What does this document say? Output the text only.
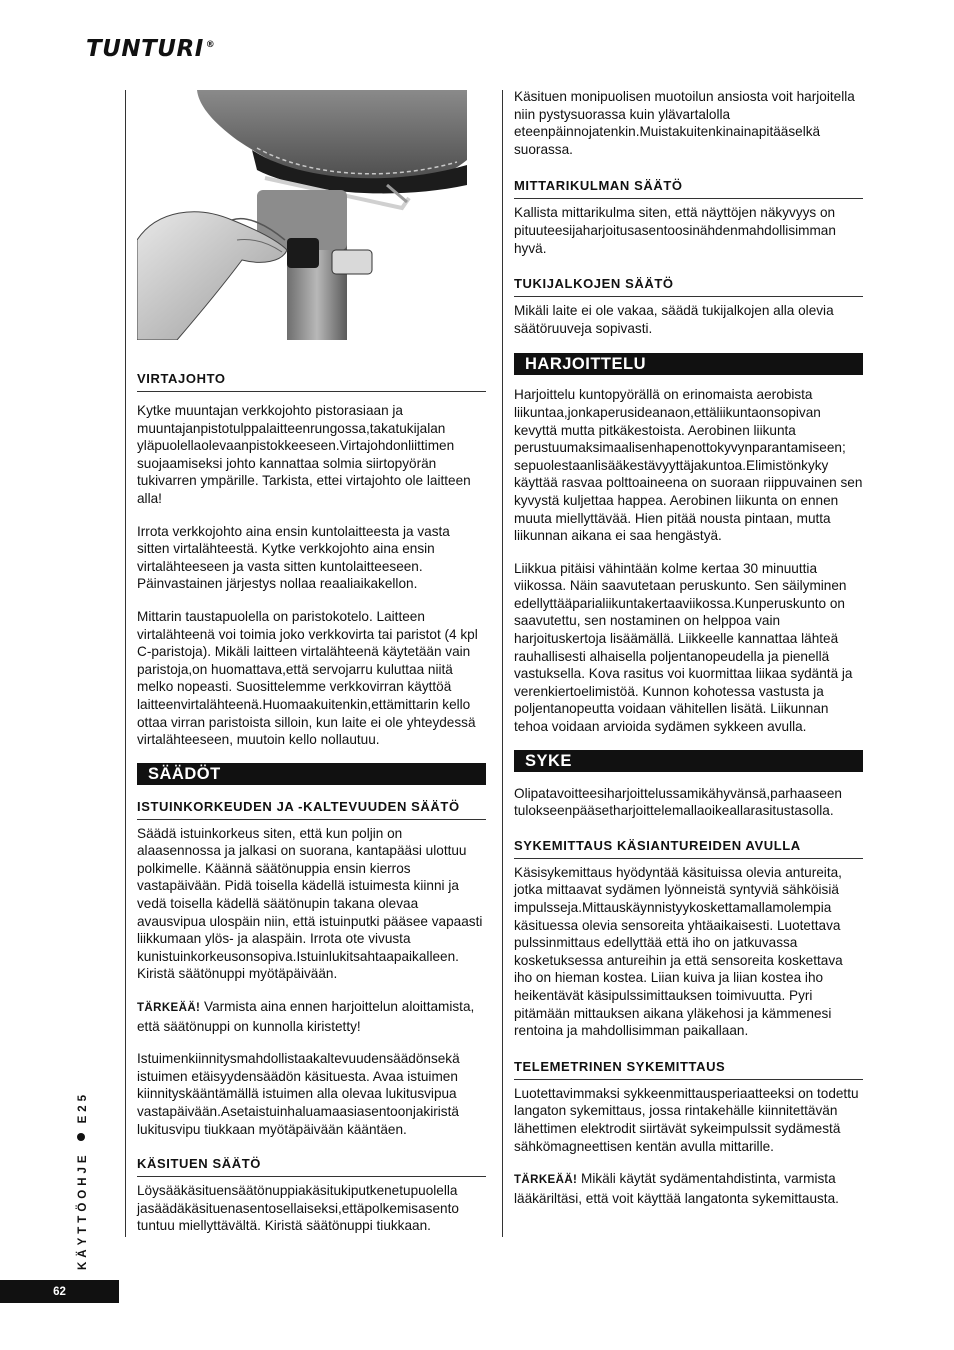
TUNTURI ®
VIRTAJOHTO

Kytke muuntajan verkkojohto pistorasiaan ja muuntajanpistotulppalaitteenrungossa,takatukijalan yläpuolellaolevaanpistokkeeseen.Virtajohdonliittimen suojaamiseksi johto kannattaa solmia siirtopyörän tukivarren ympärille. Tarkista, ettei virtajohto ole laitteen alla!

Irrota verkkojohto aina ensin kuntolaitteesta ja vasta sitten virtalähteestä. Kytke verkkojohto aina ensin virtalähteeseen ja vasta sitten kuntolaitteeseen. Päinvastainen järjestys nollaa reaaliaikakellon.

Mittarin taustapuolella on paristokotelo. Laitteen virtalähteenä voi toimia joko verkkovirta tai paristot (4 kpl C-paristoja). Mikäli laitteen virtalähteenä käytetään vain paristoja,on huomattava,että servojarru kuluttaa niitä melko nopeasti. Suosittelemme verkkovirran käyttöä laitteenvirtalähteenä.Huomaakuitenkin,ettämittarin kello ottaa virran paristoista silloin, kun laite ei ole yhteydessä virtalähteeseen, muutoin kello nollautuu.

SÄÄDÖT
ISTUINKORKEUDEN JA -KALTEVUUDEN SÄÄTÖ

Säädä istuinkorkeus siten, että kun poljin on alaasennossa ja jalkasi on suorana, kantapääsi ulottuu polkimelle. Käännä säätönuppia ensin kierros vastapäivään. Pidä toisella kädellä istuimesta kiinni ja vedä toisella kädellä säätönupin takana olevaa avausvipua ulospäin niin, että istuinputki pääsee vapaasti liikkumaan ylös- ja alaspäin. Irrota ote vivusta kunistuinkorkeusonsopiva.Istuinlukitsahtaapaikalleen. Kiristä säätönuppi myötäpäivään.

TÄRKEÄÄ! Varmista aina ennen harjoittelun aloittamista, että säätönuppi on kunnolla kiristetty!

Istuimenkiinnitysmahdollistaakaltevuudensäädönsekä istuimen etäisyydensäädön käsituesta. Avaa istuimen kiinnityskääntämällä istuimen alla olevaa lukitusvipua vastapäivään.Asetaistuinhaluamaasiasentoonjakiristä lukitusvipu tiukkaan myötäpäivään kääntäen.

KÄSITUEN SÄÄTÖ

Löysääkäsituensäätönuppiakäsitukiputkenetupuolella jasäädäkäsituenasentosellaiseksi,ettäpolkemisasento tuntuu miellyttävältä. Kiristä säätönuppi tiukkaan.

Käsituen monipuolisen muotoilun ansiosta voit harjoitella niin pystysuorassa kuin ylävartalolla eteenpäinnojatenkin.Muistakuitenkinainapitääselkä suorassa.

MITTARIKULMAN SÄÄTÖ

Kallista mittarikulma siten, että näyttöjen näkyvyys on pituuteesijaharjoitusasentoosinähdenmahdollisimman hyvä.

TUKIJALKOJEN SÄÄTÖ

Mikäli laite ei ole vakaa, säädä tukijalkojen alla olevia säätöruuveja sopivasti.

HARJOITTELU

Harjoittelu kuntopyörällä on erinomaista aerobista liikuntaa,jonkaperusideanaon,ettäliikuntaonsopivan kevyttä mutta pitkäkestoista. Aerobinen liikunta perustuumaksimaalisenhapenottokyvynparantamiseen; sepuolestaanlisääkestävyyttäjakuntoa.Elimistönkyky käyttää rasvaa polttoaineena on suoraan riippuvainen sen kyvystä kuljettaa happea. Aerobinen liikunta on ennen muuta miellyttävää. Hien pitää nousta pintaan, mutta liikunnan aikana ei saa hengästyä.

Liikkua pitäisi vähintään kolme kertaa 30 minuuttia viikossa. Näin saavutetaan peruskunto. Sen säilyminen edellyttääparialiikuntakertaaviikossa.Kunperuskunto on saavutettu, sen nostaminen on helppoa vain harjoituskertoja lisäämällä. Liikkeelle kannattaa lähteä rauhallisesti alhaisella poljentanopeudella ja pienellä vastuksella. Kova rasitus voi kuormittaa liikaa sydäntä ja verenkiertoelimistöä. Kunnon kohotessa vastusta ja poljentanopeutta voidaan vähitellen lisätä. Liikunnan tehoa voidaan arvioida sydämen sykkeen avulla.

SYKE

Olipatavoitteesiharjoittelussamikähyvänsä,parhaaseen tulokseenpääsetharjoittelemallaoikeallarasitustasolla.

SYKEMITTAUS KÄSIANTUREIDEN AVULLA

Käsisykemittaus hyödyntää käsituissa olevia antureita, jotka mittaavat sydämen lyönneistä syntyviä sähköisiä impulsseja.Mittauskäynnistyykoskettamallamolempia käsituessa olevia sensoreita yhtäaikaisesti. Luotettava pulssinmittaus edellyttää että iho on jatkuvassa kosketuksessa antureihin ja että sensoreita koskettava iho on hieman kostea. Liian kuiva ja liian kostea iho heikentävät käsipulssimittauksen toimivuutta. Pyri pitämään mittauksen aikana yläkehosi ja kämmenesi rentoina ja mahdollisimman paikallaan.

TELEMETRINEN SYKEMITTAUS

Luotettavimmaksi sykkeenmittausperiaatteeksi on todettu langaton sykemittaus, jossa rintakehälle kiinnitettävän lähettimen elektrodit siirtävät sykeimpulssit sydämestä sähkömagneettisen kentän avulla mittarille.

TÄRKEÄÄ! Mikäli käytät sydämentahdistinta, varmista lääkäriltäsi, että voit käyttää langatonta sykemittausta.

KÄYTTÖOHJEE25
62
